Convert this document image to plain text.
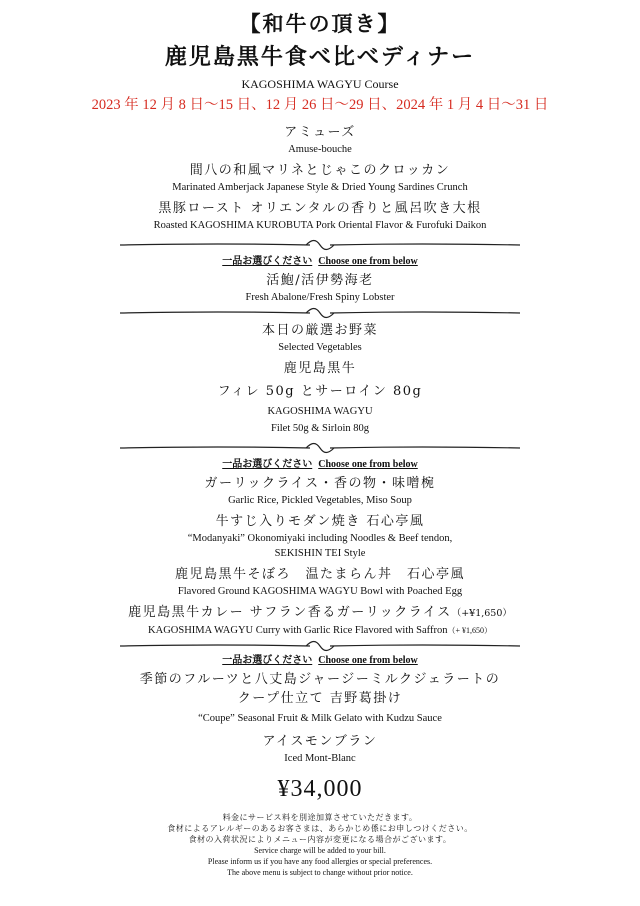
【和牛の頂き】
鹿児島黒牛食べ比べディナー
KAGOSHIMA WAGYU Course
2023 年 12 月 8 日〜15 日、12 月 26 日〜29 日、2024 年 1 月 4 日〜31 日
アミューズ
Amuse-bouche
間八の和風マリネとじゃこのクロッカン
Marinated Amberjack Japanese Style & Dried Young Sardines Crunch
黒豚ロースト オリエンタルの香りと風呂吹き大根
Roasted KAGOSHIMA KUROBUTA Pork Oriental Flavor & Furofuki Daikon
一品お選びください Choose one from below
活鮑/活伊勢海老
Fresh Abalone/Fresh Spiny Lobster
本日の厳選お野菜
Selected Vegetables
鹿児島黒牛
フィレ 50g とサーロイン 80g
KAGOSHIMA WAGYU
Filet 50g & Sirloin 80g
一品お選びください Choose one from below
ガーリックライス・香の物・味噌椀
Garlic Rice, Pickled Vegetables, Miso Soup
牛すじ入りモダン焼き 石心亭風
“Modanyaki” Okonomiyaki including Noodles & Beef tendon,
SEKISHIN TEI Style
鹿児島黒牛そぼろ　温たまらん丼　石心亭風
Flavored Ground KAGOSHIMA WAGYU Bowl with Poached Egg
鹿児島黒牛カレー サフラン香るガーリックライス（+¥1,650）
KAGOSHIMA WAGYU Curry with Garlic Rice Flavored with Saffron（+ ¥1,650）
一品お選びください Choose one from below
季節のフルーツと八丈島ジャージーミルクジェラートの
クープ仕立て 吉野葛掛け
“Coupe” Seasonal Fruit & Milk Gelato with Kudzu Sauce
アイスモンブラン
Iced Mont-Blanc
¥34,000
料金にサービス料を別途加算させていただきます。
食材によるアレルギーのあるお客さまは、あらかじめ係にお申しつけください。
食材の入荷状況によりメニュー内容が変更になる場合がございます。
Service charge will be added to your bill.
Please inform us if you have any food allergies or special preferences.
The above menu is subject to change without prior notice.
